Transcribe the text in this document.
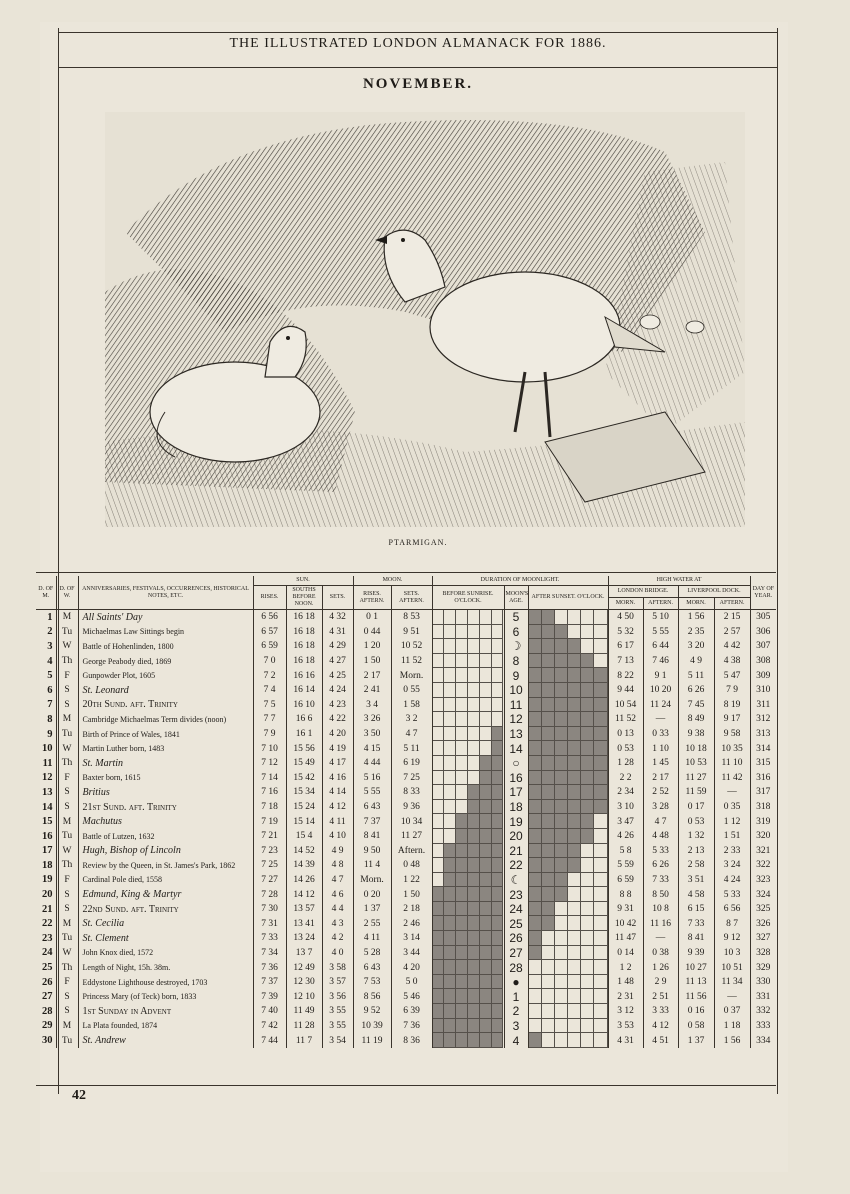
THE ILLUSTRATED LONDON ALMANACK FOR 1886.
NOVEMBER.
PTARMIGAN.
D. OF M.	D. OF W.	ANNIVERSARIES, FESTIVALS, OCCURRENCES, HISTORICAL NOTES, ETC.	SUN.			MOON.		DURATION OF MOONLIGHT.			HIGH WATER AT				DAY OF YEAR.
			RISES.	SOUTHS BEFORE NOON.	SETS.	RISES. AFTERN.	SETS. AFTERN.	BEFORE SUNRISE. O'CLOCK.	MOON'S AGE.	AFTER SUNSET. O'CLOCK.	LONDON BRIDGE.		LIVERPOOL DOCK.		
											MORN.	AFTERN.	MORN.	AFTERN.	
1	M	All Saints' Day	6 56	16 18	4 32	0 1	8 53		5		4 50	5 10	1 56	2 15	305
2	Tu	Michaelmas Law Sittings begin	6 57	16 18	4 31	0 44	9 51		6		5 32	5 55	2 35	2 57	306
3	W	Battle of Hohenlinden, 1800	6 59	16 18	4 29	1 20	10 52		☽		6 17	6 44	3 20	4 42	307
4	Th	George Peabody died, 1869	7 0	16 18	4 27	1 50	11 52		8		7 13	7 46	4 9	4 38	308
5	F	Gunpowder Plot, 1605	7 2	16 16	4 25	2 17	Morn.		9		8 22	9 1	5 11	5 47	309
6	S	St. Leonard	7 4	16 14	4 24	2 41	0 55		10		9 44	10 20	6 26	7 9	310
7	S	20th Sund. aft. Trinity	7 5	16 10	4 23	3 4	1 58		11		10 54	11 24	7 45	8 19	311
8	M	Cambridge Michaelmas Term divides (noon)	7 7	16 6	4 22	3 26	3 2		12		11 52	—	8 49	9 17	312
9	Tu	Birth of Prince of Wales, 1841	7 9	16 1	4 20	3 50	4 7		13		0 13	0 33	9 38	9 58	313
10	W	Martin Luther born, 1483	7 10	15 56	4 19	4 15	5 11		14		0 53	1 10	10 18	10 35	314
11	Th	St. Martin	7 12	15 49	4 17	4 44	6 19		○		1 28	1 45	10 53	11 10	315
12	F	Baxter born, 1615	7 14	15 42	4 16	5 16	7 25		16		2 2	2 17	11 27	11 42	316
13	S	Britius	7 16	15 34	4 14	5 55	8 33		17		2 34	2 52	11 59	—	317
14	S	21st Sund. aft. Trinity	7 18	15 24	4 12	6 43	9 36		18		3 10	3 28	0 17	0 35	318
15	M	Machutus	7 19	15 14	4 11	7 37	10 34		19		3 47	4 7	0 53	1 12	319
16	Tu	Battle of Lutzen, 1632	7 21	15 4	4 10	8 41	11 27		20		4 26	4 48	1 32	1 51	320
17	W	Hugh, Bishop of Lincoln	7 23	14 52	4 9	9 50	Aftern.		21		5 8	5 33	2 13	2 33	321
18	Th	Review by the Queen, in St. James's Park, 1862	7 25	14 39	4 8	11 4	0 48		22		5 59	6 26	2 58	3 24	322
19	F	Cardinal Pole died, 1558	7 27	14 26	4 7	Morn.	1 22		☾		6 59	7 33	3 51	4 24	323
20	S	Edmund, King & Martyr	7 28	14 12	4 6	0 20	1 50		23		8 8	8 50	4 58	5 33	324
21	S	22nd Sund. aft. Trinity	7 30	13 57	4 4	1 37	2 18		24		9 31	10 8	6 15	6 56	325
22	M	St. Cecilia	7 31	13 41	4 3	2 55	2 46		25		10 42	11 16	7 33	8 7	326
23	Tu	St. Clement	7 33	13 24	4 2	4 11	3 14		26		11 47	—	8 41	9 12	327
24	W	John Knox died, 1572	7 34	13 7	4 0	5 28	3 44		27		0 14	0 38	9 39	10 3	328
25	Th	Length of Night, 15h. 38m.	7 36	12 49	3 58	6 43	4 20		28		1 2	1 26	10 27	10 51	329
26	F	Eddystone Lighthouse destroyed, 1703	7 37	12 30	3 57	7 53	5 0		●		1 48	2 9	11 13	11 34	330
27	S	Princess Mary (of Teck) born, 1833	7 39	12 10	3 56	8 56	5 46		1		2 31	2 51	11 56	—	331
28	S	1st Sunday in Advent	7 40	11 49	3 55	9 52	6 39		2		3 12	3 33	0 16	0 37	332
29	M	La Plata founded, 1874	7 42	11 28	3 55	10 39	7 36		3		3 53	4 12	0 58	1 18	333
30	Tu	St. Andrew	7 44	11 7	3 54	11 19	8 36		4		4 31	4 51	1 37	1 56	334
42
